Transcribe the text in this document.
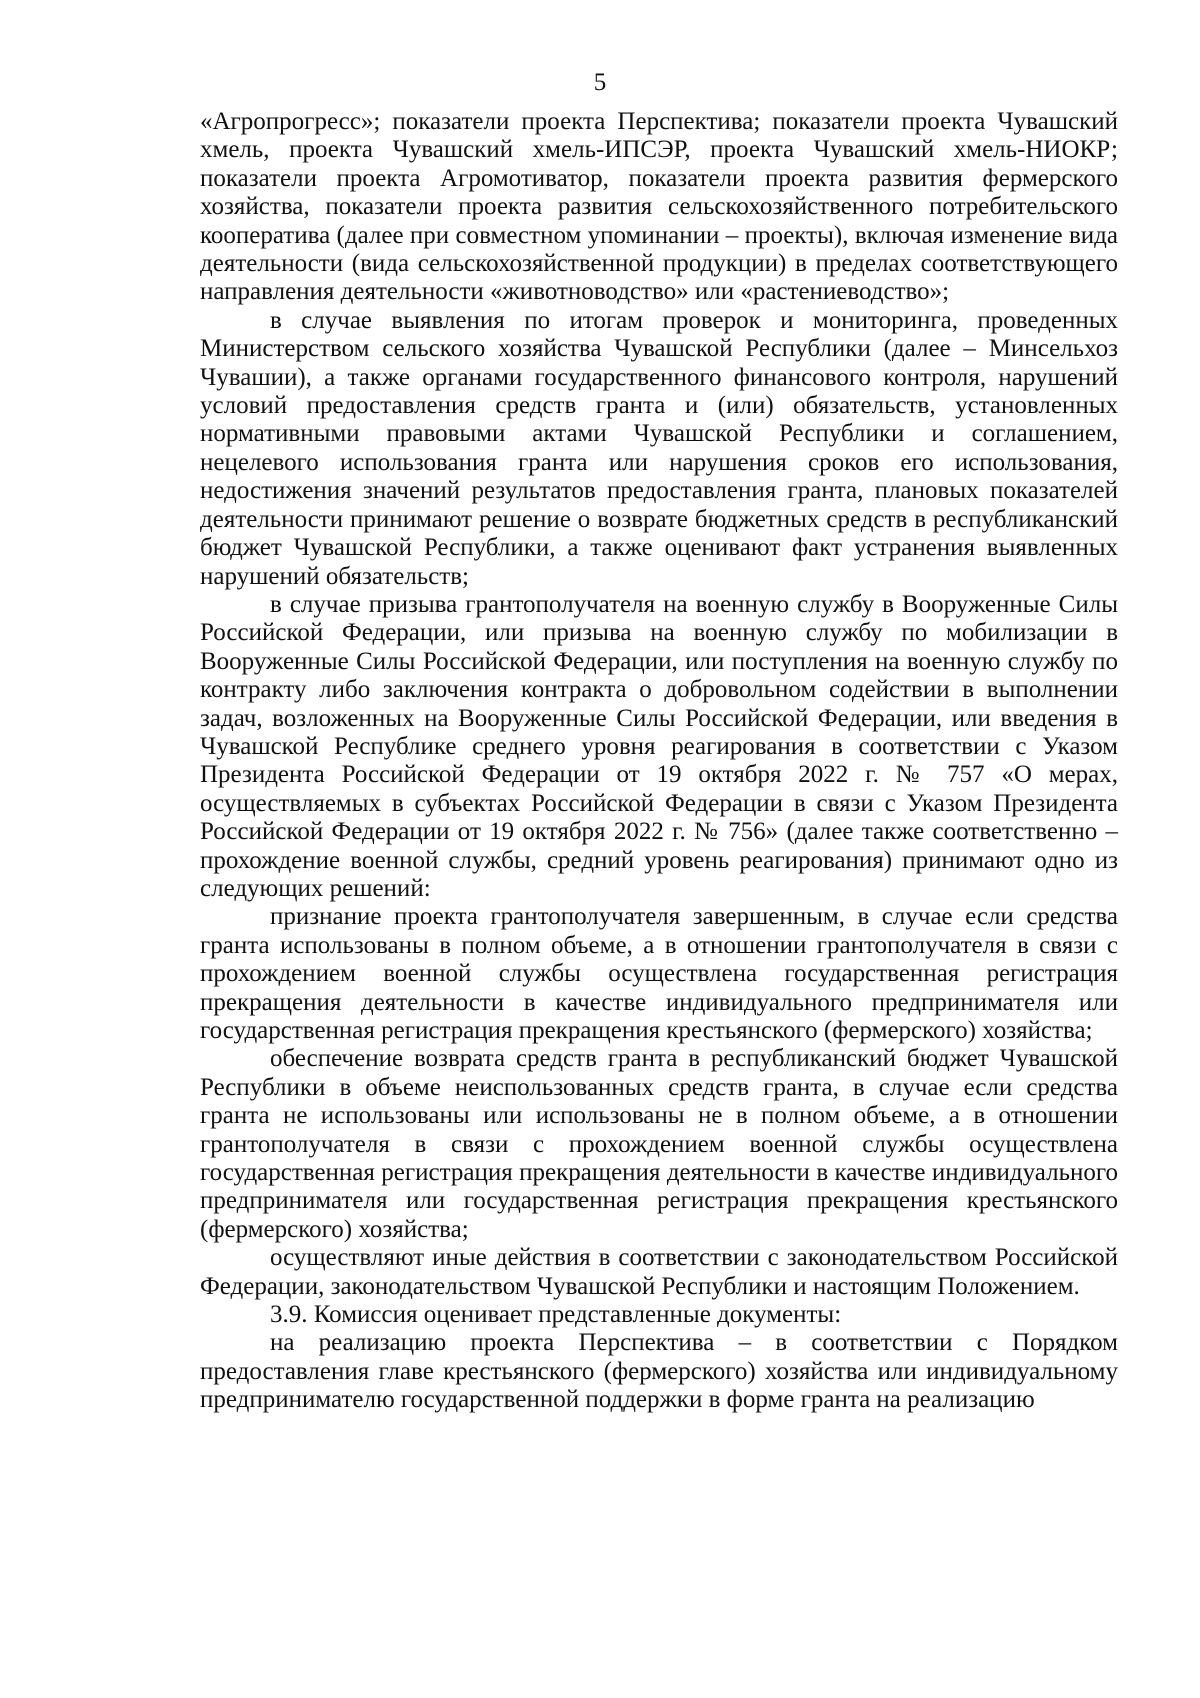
5

«Агропрогресс»; показатели проекта Перспектива; показатели проекта Чувашский хмель, проекта Чувашский хмель-ИПСЭР, проекта Чувашский хмель-НИОКР; показатели проекта Агромотиватор, показатели проекта развития фермерского хозяйства, показатели проекта развития сельскохозяйственного потребительского кооператива (далее при совместном упоминании – проекты), включая изменение вида деятельности (вида сельскохозяйственной продукции) в пределах соответствующего направления деятельности «животноводство» или «растениеводство»;

в случае выявления по итогам проверок и мониторинга, проведенных Министерством сельского хозяйства Чувашской Республики (далее – Минсельхоз Чувашии), а также органами государственного финансового контроля, нарушений условий предоставления средств гранта и (или) обязательств, установленных нормативными правовыми актами Чувашской Республики и соглашением, нецелевого использования гранта или нарушения сроков его использования, недостижения значений результатов предоставления гранта, плановых показателей деятельности принимают решение о возврате бюджетных средств в республиканский бюджет Чувашской Республики, а также оценивают факт устранения выявленных нарушений обязательств;

в случае призыва грантополучателя на военную службу в Вооруженные Силы Российской Федерации, или призыва на военную службу по мобилизации в Вооруженные Силы Российской Федерации, или поступления на военную службу по контракту либо заключения контракта о добровольном содействии в выполнении задач, возложенных на Вооруженные Силы Российской Федерации, или введения в Чувашской Республике среднего уровня реагирования в соответствии с Указом Президента Российской Федерации от 19 октября 2022 г. № 757 «О мерах, осуществляемых в субъектах Российской Федерации в связи с Указом Президента Российской Федерации от 19 октября 2022 г. № 756» (далее также соответственно – прохождение военной службы, средний уровень реагирования) принимают одно из следующих решений:

признание проекта грантополучателя завершенным, в случае если средства гранта использованы в полном объеме, а в отношении грантополучателя в связи с прохождением военной службы осуществлена государственная регистрация прекращения деятельности в качестве индивидуального предпринимателя или государственная регистрация прекращения крестьянского (фермерского) хозяйства;

обеспечение возврата средств гранта в республиканский бюджет Чувашской Республики в объеме неиспользованных средств гранта, в случае если средства гранта не использованы или использованы не в полном объеме, а в отношении грантополучателя в связи с прохождением военной службы осуществлена государственная регистрация прекращения деятельности в качестве индивидуального предпринимателя или государственная регистрация прекращения крестьянского (фермерского) хозяйства;

осуществляют иные действия в соответствии с законодательством Российской Федерации, законодательством Чувашской Республики и настоящим Положением.

3.9. Комиссия оценивает представленные документы:

на реализацию проекта Перспектива – в соответствии с Порядком предоставления главе крестьянского (фермерского) хозяйства или индивидуальному предпринимателю государственной поддержки в форме гранта на реализацию
